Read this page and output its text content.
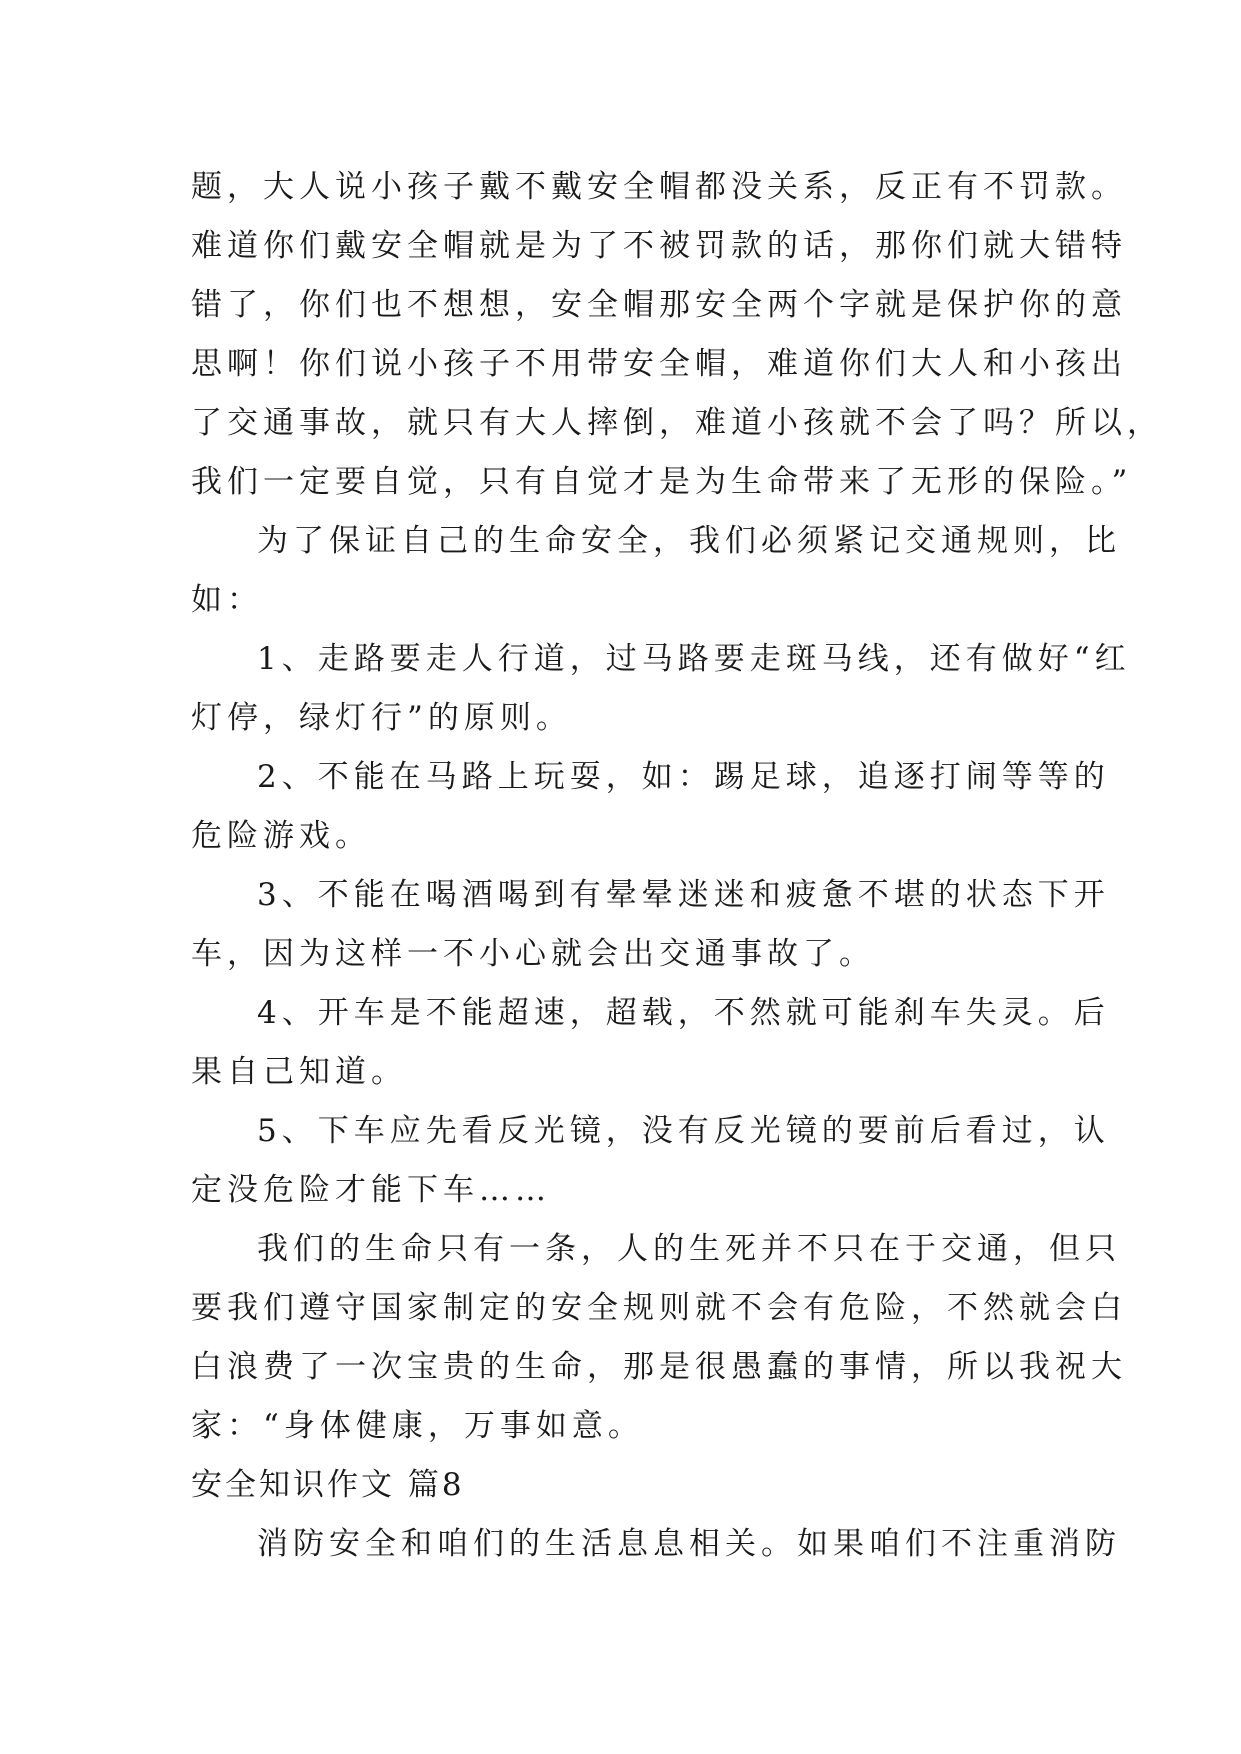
题，大人说小孩子戴不戴安全帽都没关系，反正有不罚款。
难道你们戴安全帽就是为了不被罚款的话，那你们就大错特
错了，你们也不想想，安全帽那安全两个字就是保护你的意
思啊！你们说小孩子不用带安全帽，难道你们大人和小孩出
了交通事故，就只有大人摔倒，难道小孩就不会了吗？所以，
我们一定要自觉，只有自觉才是为生命带来了无形的保险。”
为了保证自己的生命安全，我们必须紧记交通规则，比
如：
1、走路要走人行道，过马路要走斑马线，还有做好“红
灯停，绿灯行”的原则。
2、不能在马路上玩耍，如：踢足球，追逐打闹等等的
危险游戏。
3、不能在喝酒喝到有晕晕迷迷和疲惫不堪的状态下开
车，因为这样一不小心就会出交通事故了。
4、开车是不能超速，超载，不然就可能刹车失灵。后
果自己知道。
5、下车应先看反光镜，没有反光镜的要前后看过，认
定没危险才能下车……
我们的生命只有一条，人的生死并不只在于交通，但只
要我们遵守国家制定的安全规则就不会有危险，不然就会白
白浪费了一次宝贵的生命，那是很愚蠢的事情，所以我祝大
家：“身体健康，万事如意。
安全知识作文 篇8
消防安全和咱们的生活息息相关。如果咱们不注重消防
